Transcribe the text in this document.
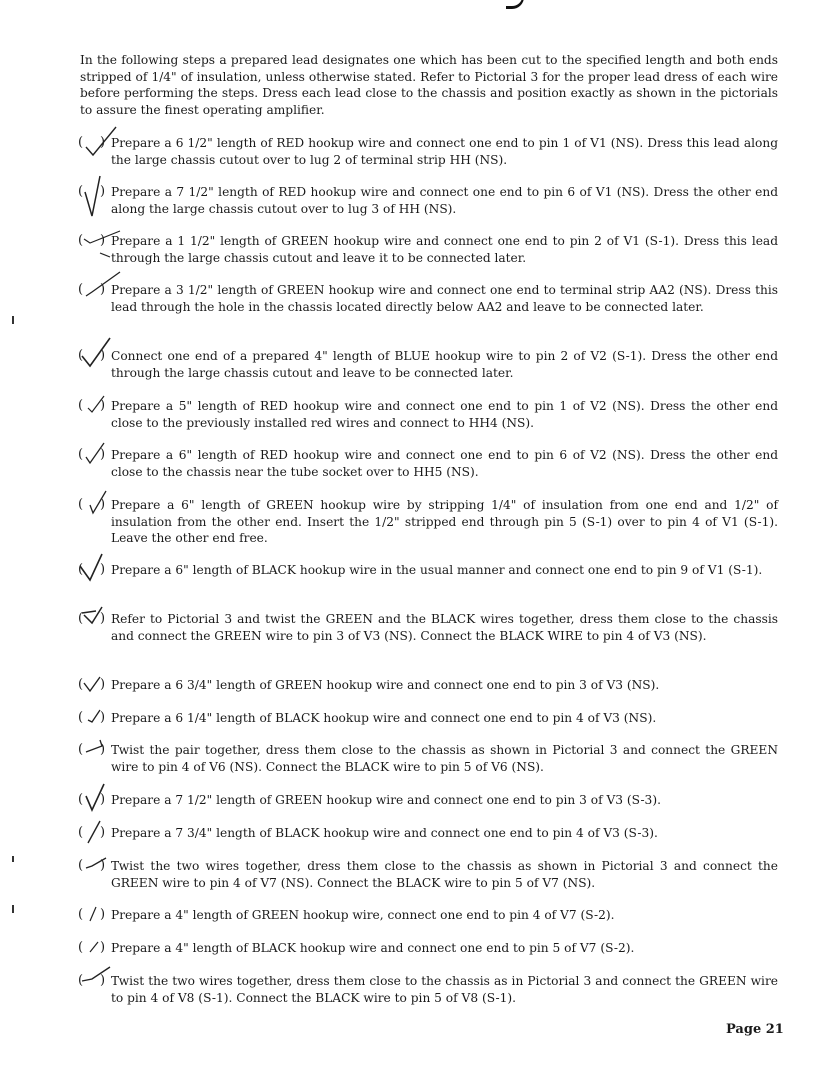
In the following steps a prepared lead designates one which has been cut to the specified length and both ends stripped of 1/4" of insulation, unless otherwise stated. Refer to Pictorial 3 for the proper lead dress of each wire before performing the steps. Dress each lead close to the chassis and position exactly as shown in the pictorials to assure the finest operating amplifier.

( ) Prepare a 6 1/2" length of RED hookup wire and connect one end to pin 1 of V1 (NS). Dress this lead along the large chassis cutout over to lug 2 of terminal strip HH (NS).
( ) Prepare a 7 1/2" length of RED hookup wire and connect one end to pin 6 of V1 (NS). Dress the other end along the large chassis cutout over to lug 3 of HH (NS).
( ) Prepare a 1 1/2" length of GREEN hookup wire and connect one end to pin 2 of V1 (S-1). Dress this lead through the large chassis cutout and leave it to be connected later.
( ) Prepare a 3 1/2" length of GREEN hookup wire and connect one end to terminal strip AA2 (NS). Dress this lead through the hole in the chassis located directly below AA2 and leave to be connected later.
( ) Connect one end of a prepared 4" length of BLUE hookup wire to pin 2 of V2 (S-1). Dress the other end through the large chassis cutout and leave to be connected later.
( ) Prepare a 5" length of RED hookup wire and connect one end to pin 1 of V2 (NS). Dress the other end close to the previously installed red wires and connect to HH4 (NS).
( ) Prepare a 6" length of RED hookup wire and connect one end to pin 6 of V2 (NS). Dress the other end close to the chassis near the tube socket over to HH5 (NS).
( ) Prepare a 6" length of GREEN hookup wire by stripping 1/4" of insulation from one end and 1/2" of insulation from the other end. Insert the 1/2" stripped end through pin 5 (S-1) over to pin 4 of V1 (S-1). Leave the other end free.
( ) Prepare a 6" length of BLACK hookup wire in the usual manner and connect one end to pin 9 of V1 (S-1).
( ) Refer to Pictorial 3 and twist the GREEN and the BLACK wires together, dress them close to the chassis and connect the GREEN wire to pin 3 of V3 (NS). Connect the BLACK WIRE to pin 4 of V3 (NS).
( ) Prepare a 6 3/4" length of GREEN hookup wire and connect one end to pin 3 of V3 (NS).
( ) Prepare a 6 1/4" length of BLACK hookup wire and connect one end to pin 4 of V3 (NS).
( ) Twist the pair together, dress them close to the chassis as shown in Pictorial 3 and connect the GREEN wire to pin 4 of V6 (NS). Connect the BLACK wire to pin 5 of V6 (NS).
( ) Prepare a 7 1/2" length of GREEN hookup wire and connect one end to pin 3 of V3 (S-3).
( ) Prepare a 7 3/4" length of BLACK hookup wire and connect one end to pin 4 of V3 (S-3).
( ) Twist the two wires together, dress them close to the chassis as shown in Pictorial 3 and connect the GREEN wire to pin 4 of V7 (NS). Connect the BLACK wire to pin 5 of V7 (NS).
( ) Prepare a 4" length of GREEN hookup wire, connect one end to pin 4 of V7 (S-2).
( ) Prepare a 4" length of BLACK hookup wire and connect one end to pin 5 of V7 (S-2).
( ) Twist the two wires together, dress them close to the chassis as in Pictorial 3 and connect the GREEN wire to pin 4 of V8 (S-1). Connect the BLACK wire to pin 5 of V8 (S-1).
Page 21
